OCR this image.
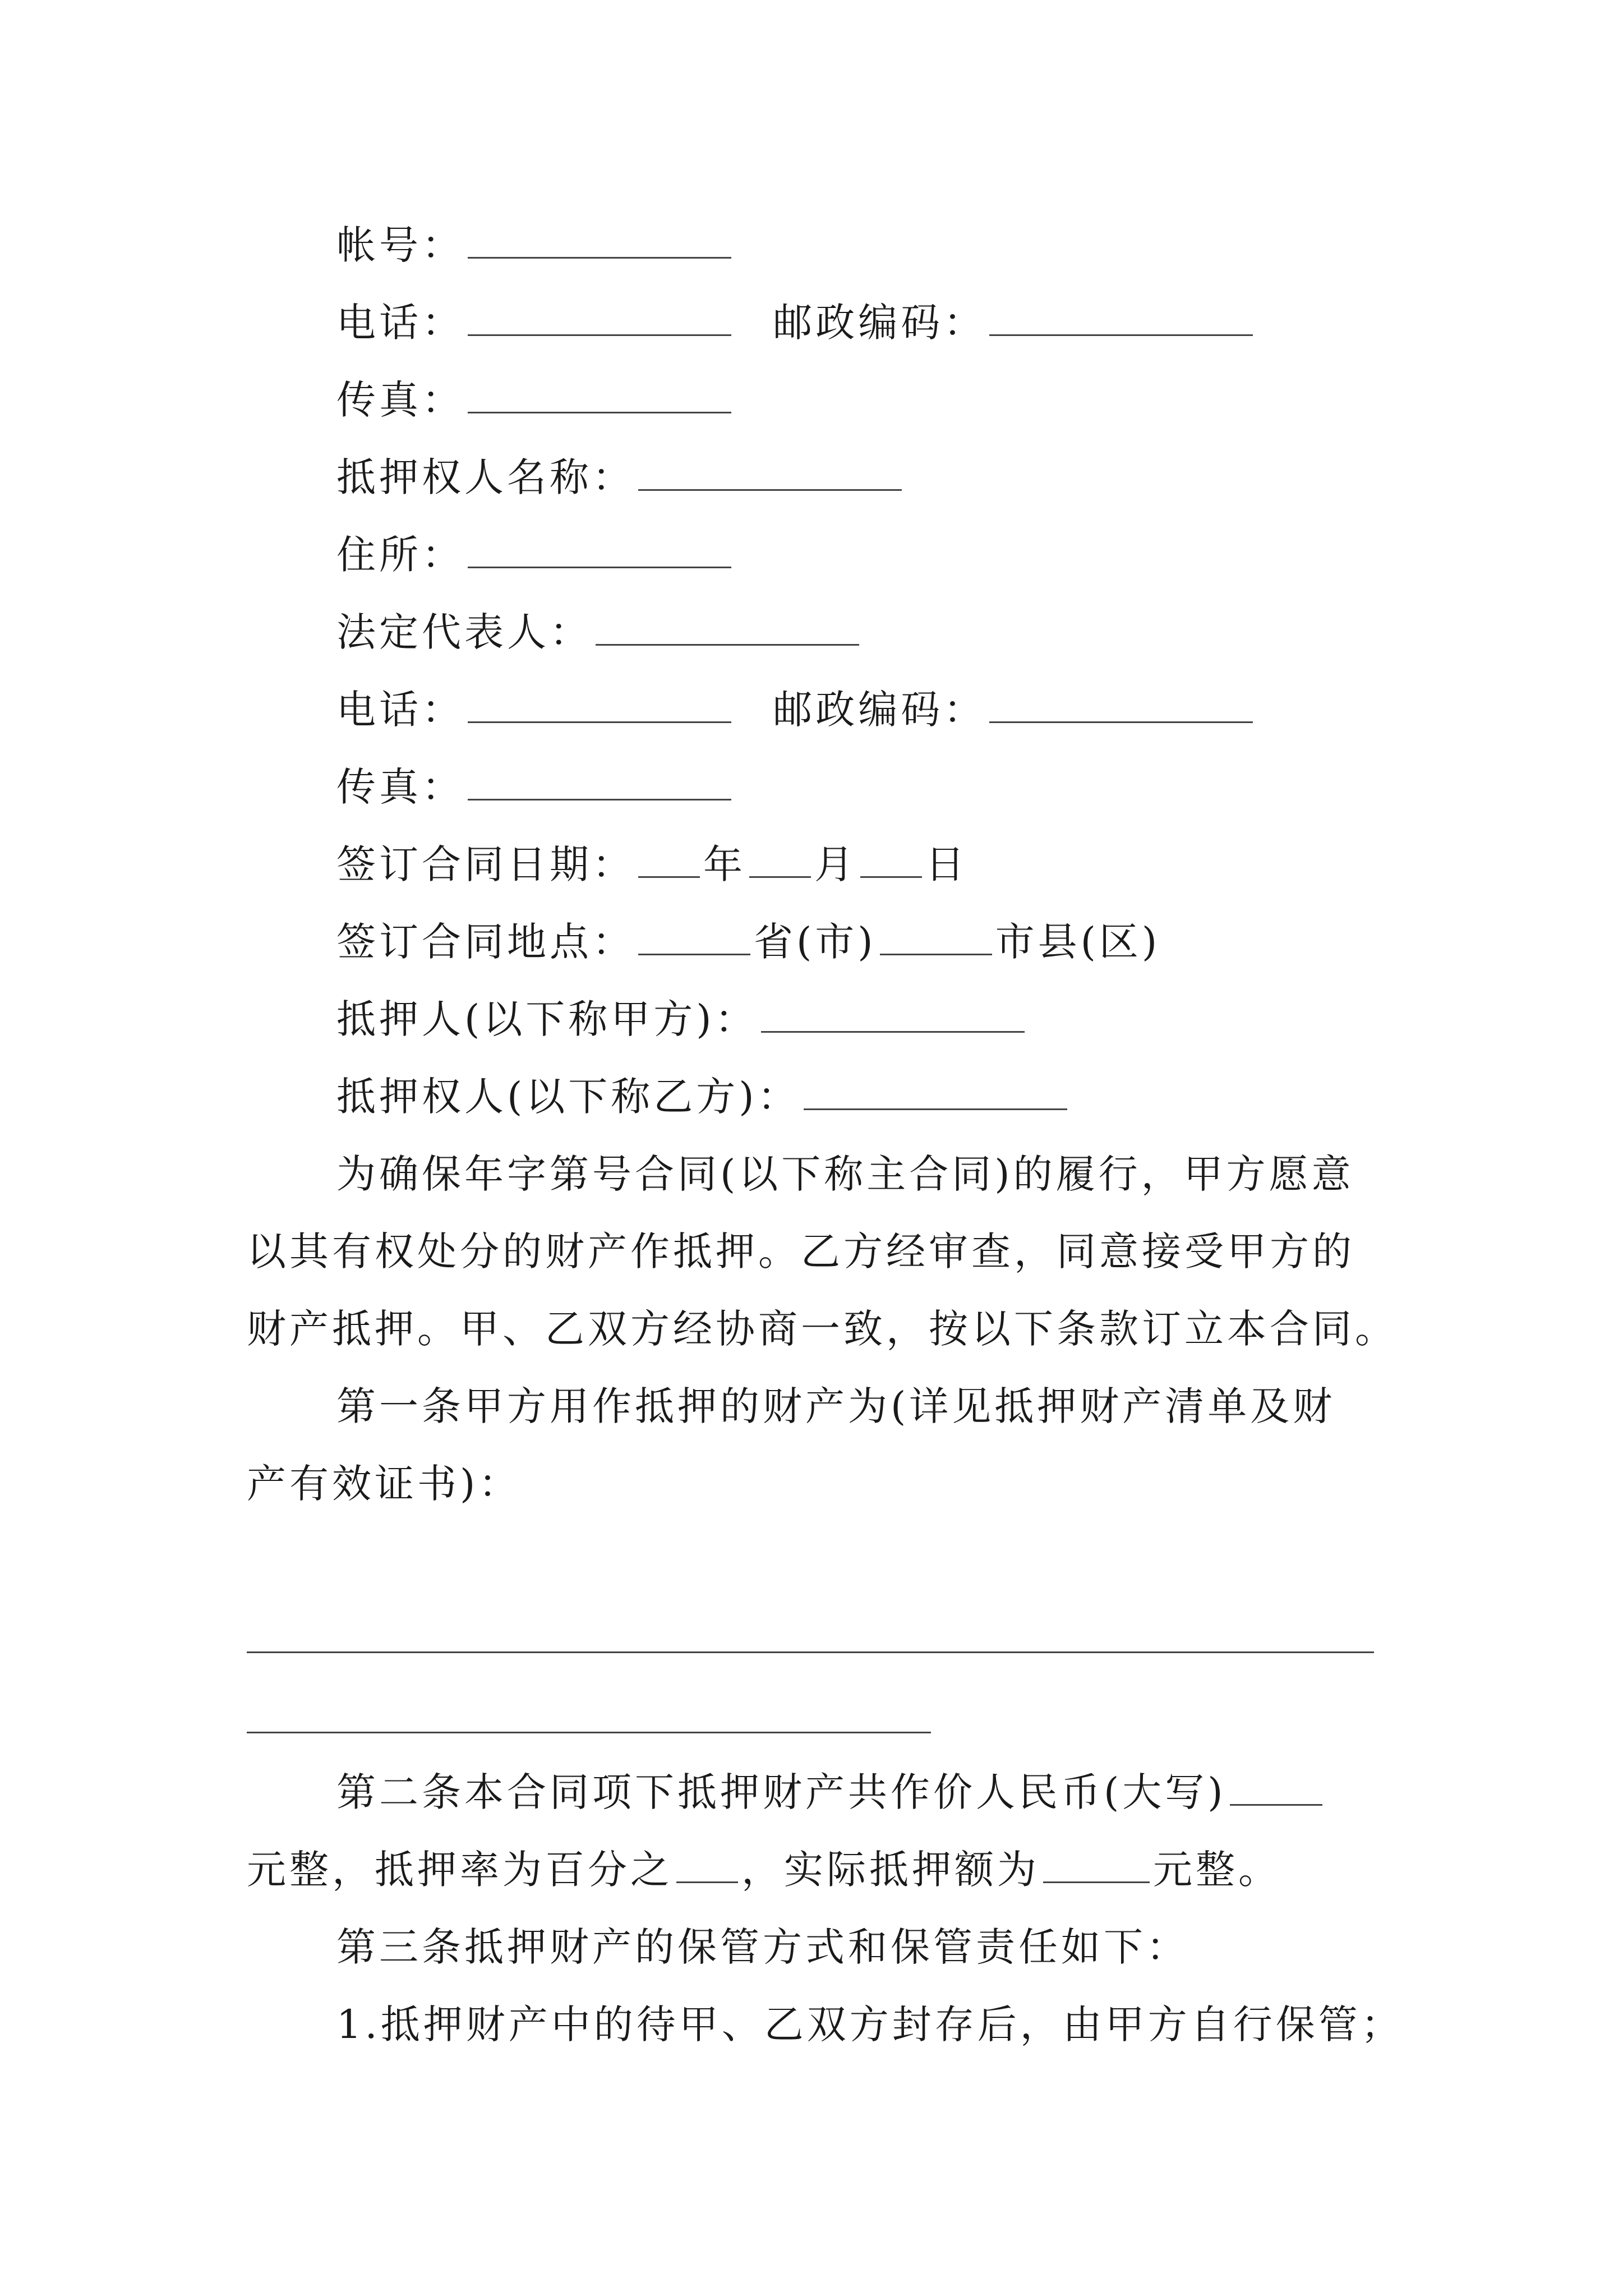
帐号：
电话：	邮政编码：
传真：
抵押权人名称：
住所：
法定代表人：
电话：	邮政编码：
传真：
签订合同日期： 年 月 日
签订合同地点：	省(市)	市县(区)
抵押人(以下称甲方)：
抵押权人(以下称乙方)：
为确保年字第号合同(以下称主合同)的履行，甲方愿意
以其有权处分的财产作抵押。乙方经审查，同意接受甲方的
财产抵押。甲、乙双方经协商一致，按以下条款订立本合同。
第一条甲方用作抵押的财产为(详见抵押财产清单及财
产有效证书)：
第二条本合同项下抵押财产共作价人民币(大写)
元整，抵押率为百分之 ，实际抵押额为	元整。
第三条抵押财产的保管方式和保管责任如下：
1.抵押财产中的待甲、乙双方封存后，由甲方自行保管；
